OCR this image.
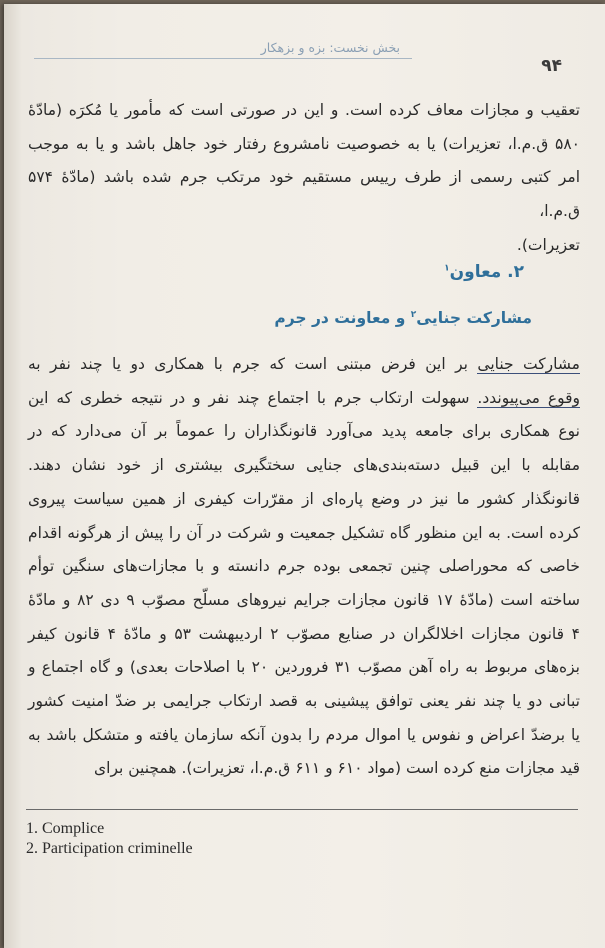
بخش نخست: بزه و بزهکار
۹۴

تعقیب و مجازات معاف کرده است. و این در صورتی است که مأمور یا مُکرَه (مادّهٔ

۵۸۰ ق.م.ا، تعزیرات) یا به خصوصیت نامشروع رفتار خود جاهل باشد و یا به موجب

امر کتبی رسمی از طرف رییس مستقیم خود مرتکب جرم شده باشد (مادّهٔ ۵۷۴ ق.م.ا،

تعزیرات).

۲. معاون$^۱$
مشارکت جنایی$^۲$ و معاونت در جرم

مشارکت جنایی بر این فرض مبتنی است که جرم با همکاری دو یا چند نفر به

وقوع می‌پیوندد. سهولت ارتکاب جرم با اجتماع چند نفر و در نتیجه خطری که این

نوع همکاری برای جامعه پدید می‌آورد قانونگذاران را عموماً بر آن می‌دارد که در

مقابله با این قبیل دسته‌بندی‌های جنایی سختگیری بیشتری از خود نشان دهند.

قانونگذار کشور ما نیز در وضع پاره‌ای از مقرّرات کیفری از همین سیاست پیروی

کرده است. به این منظور گاه تشکیل جمعیت و شرکت در آن را پیش از هرگونه اقدام

خاصی که محوراصلی چنین تجمعی بوده جرم دانسته و با مجازات‌های سنگین توأم

ساخته است (مادّهٔ ۱۷ قانون مجازات جرایم نیروهای مسلّح مصوّب ۹ دی ۸۲ و مادّهٔ

۴ قانون مجازات اخلالگران در صنایع مصوّب ۲ اردیبهشت ۵۳ و مادّهٔ ۴ قانون کیفر

بزه‌های مربوط به راه آهن مصوّب ۳۱ فروردین ۲۰ با اصلاحات بعدی) و گاه اجتماع و

تبانی دو یا چند نفر یعنی توافق پیشینی به قصد ارتکاب جرایمی بر ضدّ امنیت کشور

یا برضدّ اعراض و نفوس یا اموال مردم را بدون آنکه سازمان یافته و متشکل باشد به

قید مجازات منع کرده است (مواد ۶۱۰ و ۶۱۱ ق.م.ا، تعزیرات). همچنین برای

1. Complice
2. Participation criminelle
